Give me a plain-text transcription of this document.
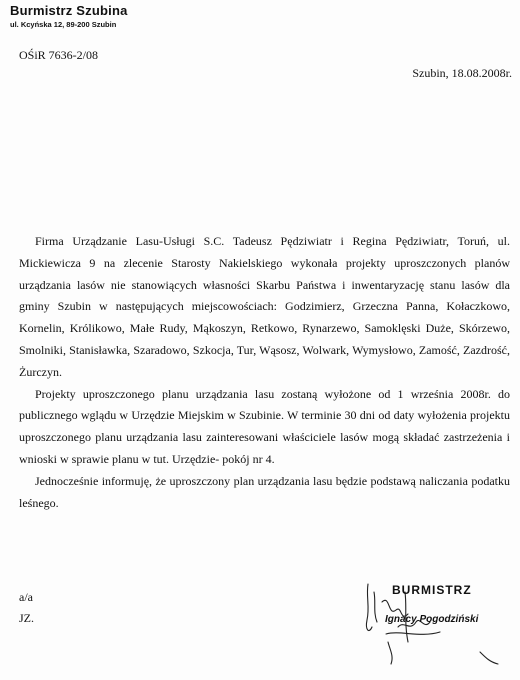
Burmistrz Szubina
ul. Kcyńska 12, 89-200 Szubin
OŚiR 7636-2/08
Szubin, 18.08.2008r.

Firma Urządzanie Lasu-Usługi S.C. Tadeusz Pędziwiatr i Regina Pędziwiatr, Toruń, ul. Mickiewicza 9 na zlecenie Starosty Nakielskiego wykonała projekty uproszczonych planów urządzania lasów nie stanowiących własności Skarbu Państwa i inwentaryzację stanu lasów dla gminy Szubin w następujących miejscowościach: Godzimierz, Grzeczna Panna, Kołaczkowo, Kornelin, Królikowo, Małe Rudy, Mąkoszyn, Retkowo, Rynarzewo, Samoklęski Duże, Skórzewo, Smolniki, Stanisławka, Szaradowo, Szkocja, Tur, Wąsosz, Wolwark, Wymysłowo, Zamość, Zazdrość, Żurczyn.

Projekty uproszczonego planu urządzania lasu zostaną wyłożone od 1 września 2008r. do publicznego wglądu w Urzędzie Miejskim w Szubinie. W terminie 30 dni od daty wyłożenia projektu uproszczonego planu urządzania lasu zainteresowani właściciele lasów mogą składać zastrzeżenia i wnioski w sprawie planu w tut. Urzędzie- pokój nr 4.

Jednocześnie informuję, że uproszczony plan urządzania lasu będzie podstawą naliczania podatku leśnego.

a/a
JZ.
BURMISTRZ
Ignacy Pogodziński
